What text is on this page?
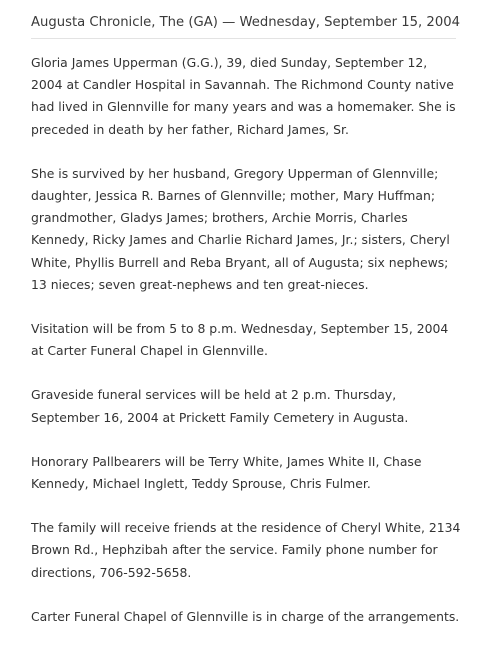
Augusta Chronicle, The (GA) — Wednesday, September 15, 2004

Gloria James Upperman (G.G.), 39, died Sunday, September 12,
2004 at Candler Hospital in Savannah. The Richmond County native
had lived in Glennville for many years and was a homemaker. She is
preceded in death by her father, Richard James, Sr.

She is survived by her husband, Gregory Upperman of Glennville;
daughter, Jessica R. Barnes of Glennville; mother, Mary Huffman;
grandmother, Gladys James; brothers, Archie Morris, Charles
Kennedy, Ricky James and Charlie Richard James, Jr.; sisters, Cheryl
White, Phyllis Burrell and Reba Bryant, all of Augusta; six nephews;
13 nieces; seven great-nephews and ten great-nieces.

Visitation will be from 5 to 8 p.m. Wednesday, September 15, 2004
at Carter Funeral Chapel in Glennville.

Graveside funeral services will be held at 2 p.m. Thursday,
September 16, 2004 at Prickett Family Cemetery in Augusta.

Honorary Pallbearers will be Terry White, James White II, Chase
Kennedy, Michael Inglett, Teddy Sprouse, Chris Fulmer.

The family will receive friends at the residence of Cheryl White, 2134
Brown Rd., Hephzibah after the service. Family phone number for
directions, 706-592-5658.

Carter Funeral Chapel of Glennville is in charge of the arrangements.
